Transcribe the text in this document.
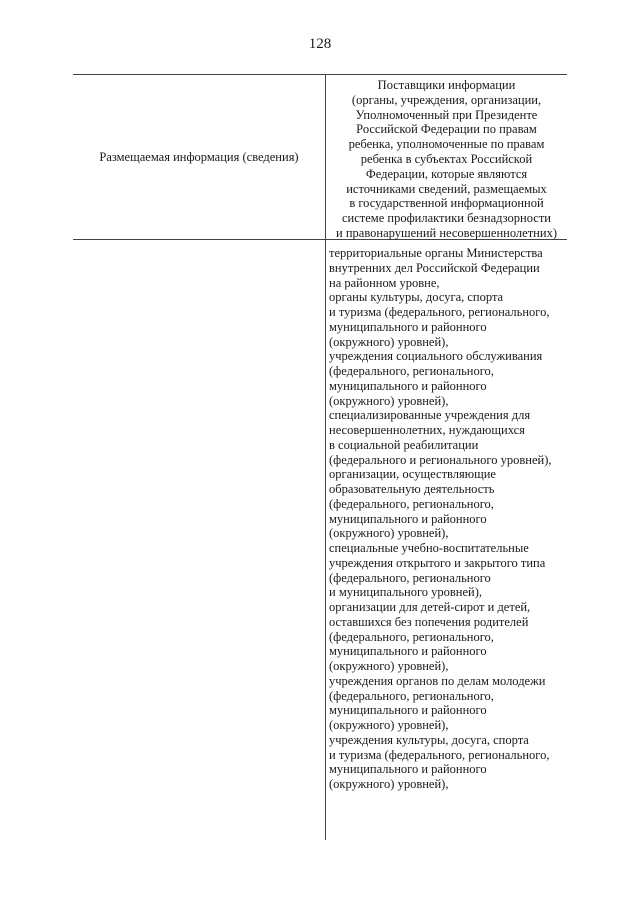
128
Размещаемая информация (сведения)
Поставщики информации
(органы, учреждения, организации,
Уполномоченный при Президенте
Российской Федерации по правам
ребенка, уполномоченные по правам
ребенка в субъектах Российской
Федерации, которые являются
источниками сведений, размещаемых
в государственной информационной
системе профилактики безнадзорности
и правонарушений несовершеннолетних)
территориальные органы Министерства
внутренних дел Российской Федерации
на районном уровне,
органы культуры, досуга, спорта
и туризма (федерального, регионального,
муниципального и районного
(окружного) уровней),
учреждения социального обслуживания
(федерального, регионального,
муниципального и районного
(окружного) уровней),
специализированные учреждения для
несовершеннолетних, нуждающихся
в социальной реабилитации
(федерального и регионального уровней),
организации, осуществляющие
образовательную деятельность
(федерального, регионального,
муниципального и районного
(окружного) уровней),
специальные учебно-воспитательные
учреждения открытого и закрытого типа
(федерального, регионального
и муниципального уровней),
организации для детей-сирот и детей,
оставшихся без попечения родителей
(федерального, регионального,
муниципального и районного
(окружного) уровней),
учреждения органов по делам молодежи
(федерального, регионального,
муниципального и районного
(окружного) уровней),
учреждения культуры, досуга, спорта
и туризма (федерального, регионального,
муниципального и районного
(окружного) уровней),
